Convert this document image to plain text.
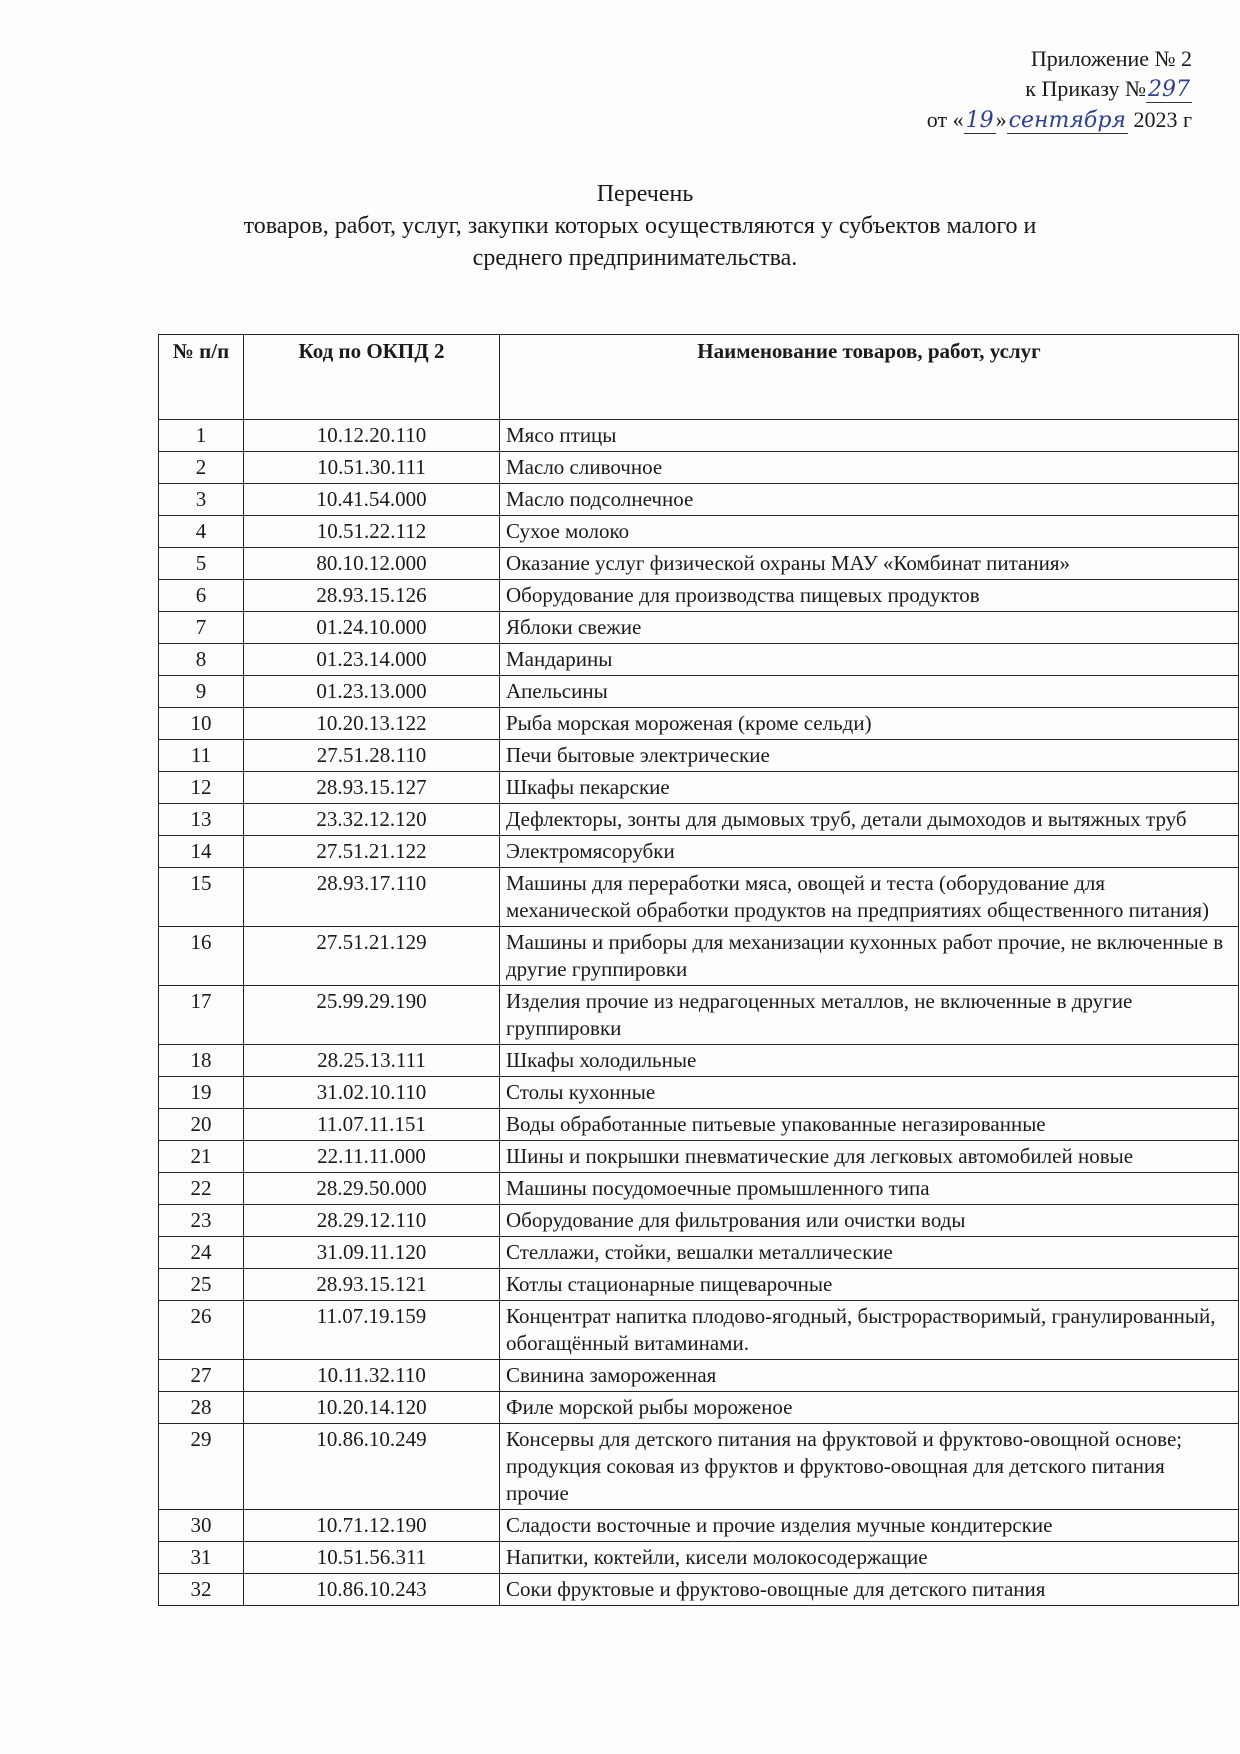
Приложение № 2
к Приказу №297
от «19»сентября 2023 г
Перечень
товаров, работ, услуг, закупки которых осуществляются у субъектов малого и
среднего предпринимательства.
№ п/п	Код по ОКПД 2	Наименование товаров, работ, услуг
1	10.12.20.110	Мясо птицы
2	10.51.30.111	Масло сливочное
3	10.41.54.000	Масло подсолнечное
4	10.51.22.112	Сухое молоко
5	80.10.12.000	Оказание услуг физической охраны МАУ «Комбинат питания»
6	28.93.15.126	Оборудование для производства пищевых продуктов
7	01.24.10.000	Яблоки свежие
8	01.23.14.000	Мандарины
9	01.23.13.000	Апельсины
10	10.20.13.122	Рыба морская мороженая (кроме сельди)
11	27.51.28.110	Печи бытовые электрические
12	28.93.15.127	Шкафы пекарские
13	23.32.12.120	Дефлекторы, зонты для дымовых труб, детали дымоходов и вытяжных труб
14	27.51.21.122	Электромясорубки
15	28.93.17.110	Машины для переработки мяса, овощей и теста (оборудование для механической обработки продуктов на предприятиях общественного питания)
16	27.51.21.129	Машины и приборы для механизации кухонных работ прочие, не включенные в другие группировки
17	25.99.29.190	Изделия прочие из недрагоценных металлов, не включенные в другие группировки
18	28.25.13.111	Шкафы холодильные
19	31.02.10.110	Столы кухонные
20	11.07.11.151	Воды обработанные питьевые упакованные негазированные
21	22.11.11.000	Шины и покрышки пневматические для легковых автомобилей новые
22	28.29.50.000	Машины посудомоечные промышленного типа
23	28.29.12.110	Оборудование для фильтрования или очистки воды
24	31.09.11.120	Стеллажи, стойки, вешалки металлические
25	28.93.15.121	Котлы стационарные пищеварочные
26	11.07.19.159	Концентрат напитка плодово-ягодный, быстрорастворимый, гранулированный, обогащённый витаминами.
27	10.11.32.110	Свинина замороженная
28	10.20.14.120	Филе морской рыбы мороженое
29	10.86.10.249	Консервы для детского питания на фруктовой и фруктово-овощной основе; продукция соковая из фруктов и фруктово-овощная для детского питания прочие
30	10.71.12.190	Сладости восточные и прочие изделия мучные кондитерские
31	10.51.56.311	Напитки, коктейли, кисели молокосодержащие
32	10.86.10.243	Соки фруктовые и фруктово-овощные для детского питания
